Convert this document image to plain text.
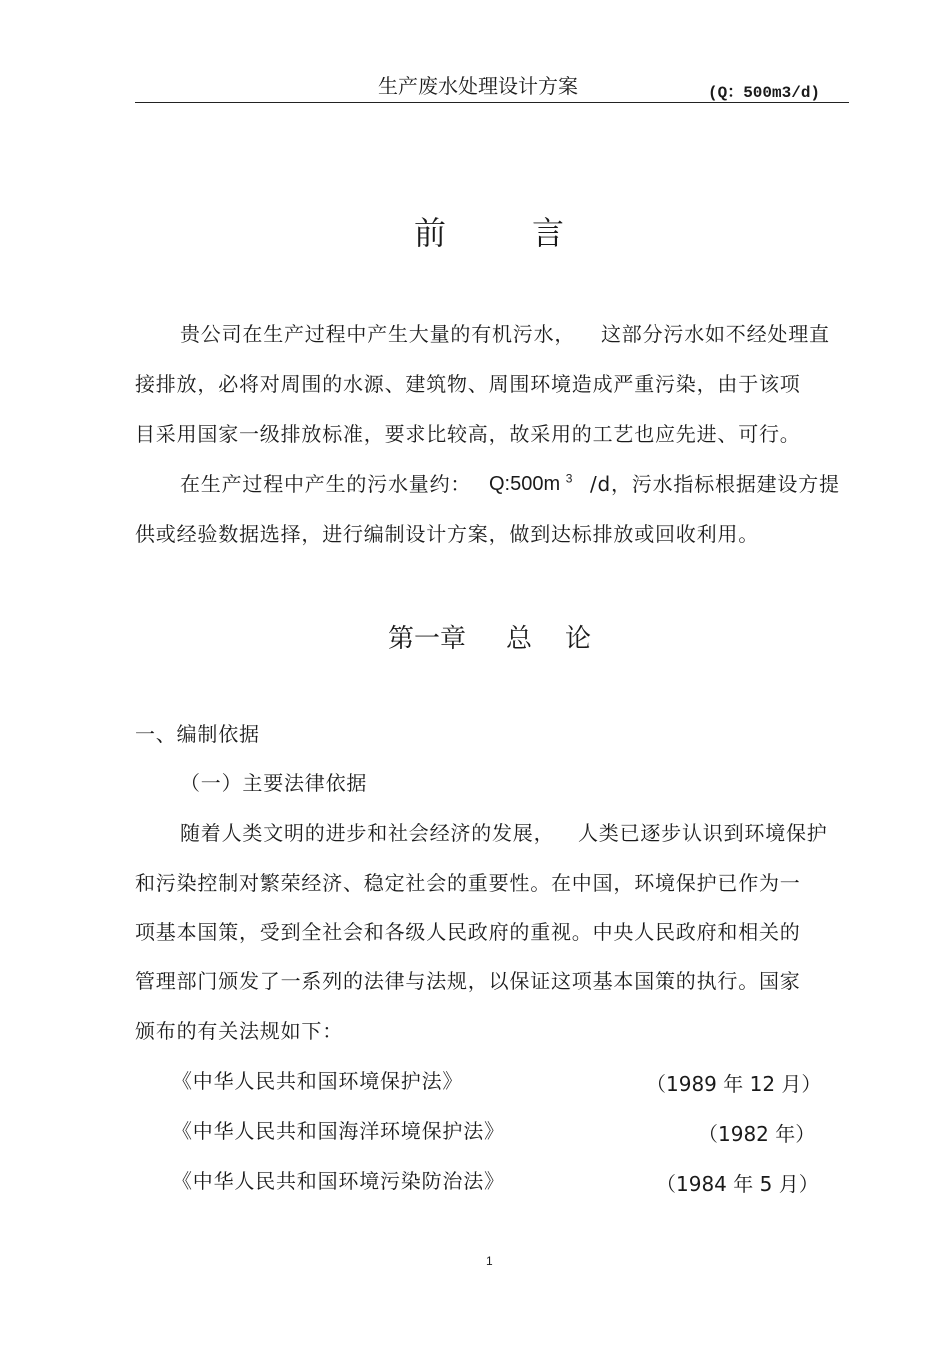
生产废水处理设计方案	(Q：500m3/d)
前	言
贵公司在生产过程中产生大量的有机污水， 这部分污水如不经处理直
接排放，必将对周围的水源、建筑物、周围环境造成严重污染，由于该项
目采用国家一级排放标准，要求比较高，故采用的工艺也应先进、可行。
在生产过程中产生的污水量约： Q:500m $^3$ /d，污水指标根据建设方提
供或经验数据选择，进行编制设计方案，做到达标排放或回收利用。
第一章 总 论
一、编制依据
（一）主要法律依据
随着人类文明的进步和社会经济的发展， 人类已逐步认识到环境保护
和污染控制对繁荣经济、稳定社会的重要性。在中国，环境保护已作为一
项基本国策，受到全社会和各级人民政府的重视。中央人民政府和相关的
管理部门颁发了一系列的法律与法规，以保证这项基本国策的执行。国家
颁布的有关法规如下：
《中华人民共和国环境保护法》	（1989 年 12 月）
《中华人民共和国海洋环境保护法》	（1982 年）
《中华人民共和国环境污染防治法》	（1984 年 5 月）
1
